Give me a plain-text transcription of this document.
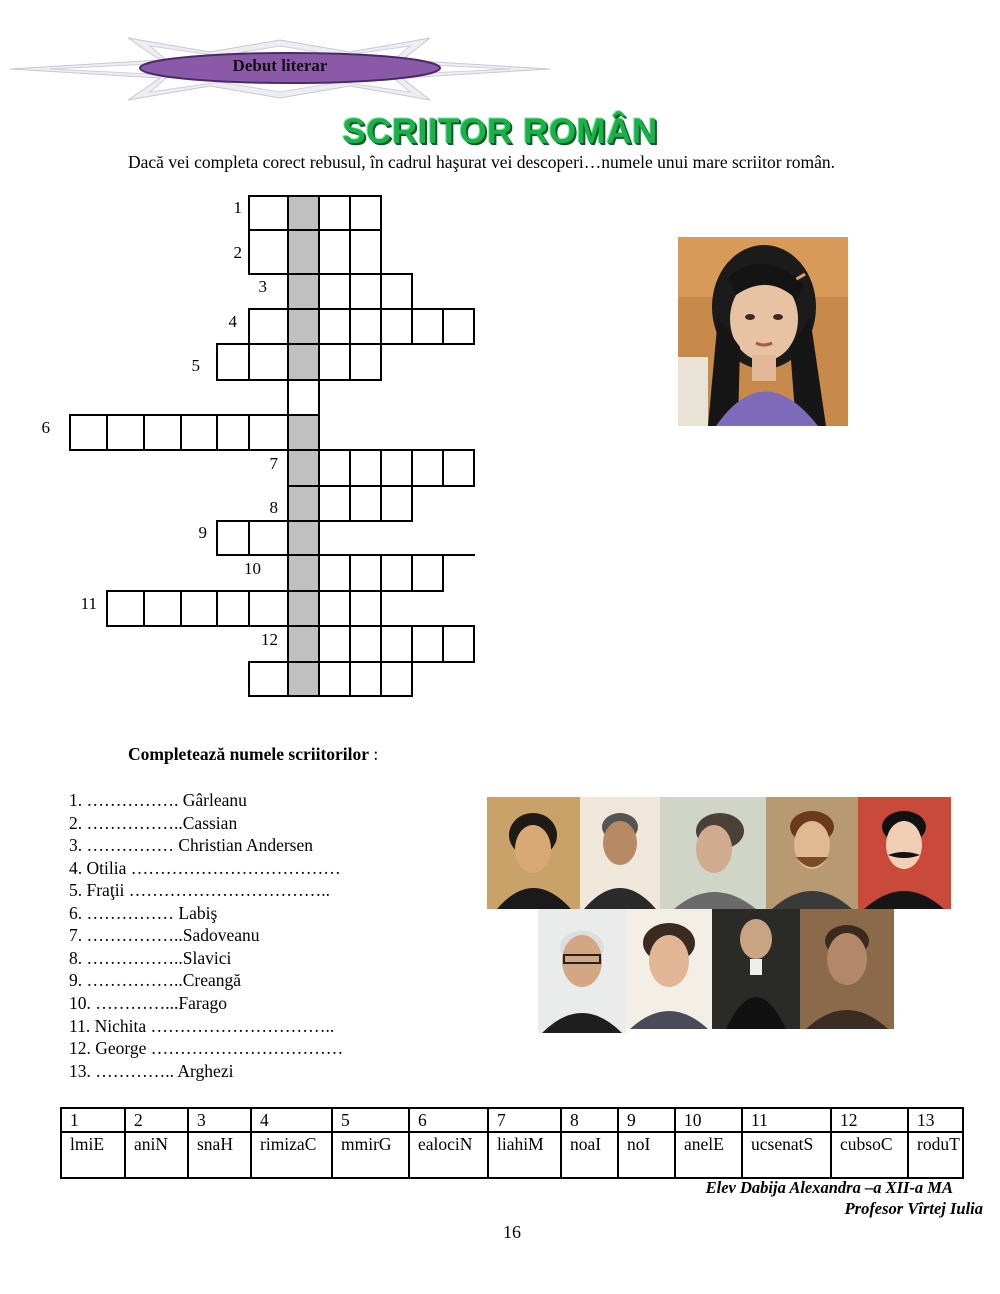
Debut literar
SCRIITOR ROMÂN
Dacă vei completa corect rebusul, în cadrul haşurat vei descoperi…numele unui mare scriitor român.
1
2
3
4
5
6
7
8
9
10
11
12
Completează numele scriitorilor :
1. ……………. Gârleanu
2. ……………..Cassian
3. …………… Christian Andersen
4. Otilia ………………………………
5. Fraţii ……………………………..
6. …………… Labiş
7. ……………..Sadoveanu
8. ……………..Slavici
9. ……………..Creangă
10. …………...Farago
11. Nichita …………………………..
12. George ……………………………
13. ………….. Arghezi
1	2	3	4	5	6	7	8	9	10	11	12	13
lmiE	aniN	snaH	rimizaC	mmirG	ealociN	liahiM	noaI	noI	anelE	ucsenatS	cubsoC	roduT
Elev Dabija Alexandra –a XII-a MA
Profesor Vîrtej Iulia
16
